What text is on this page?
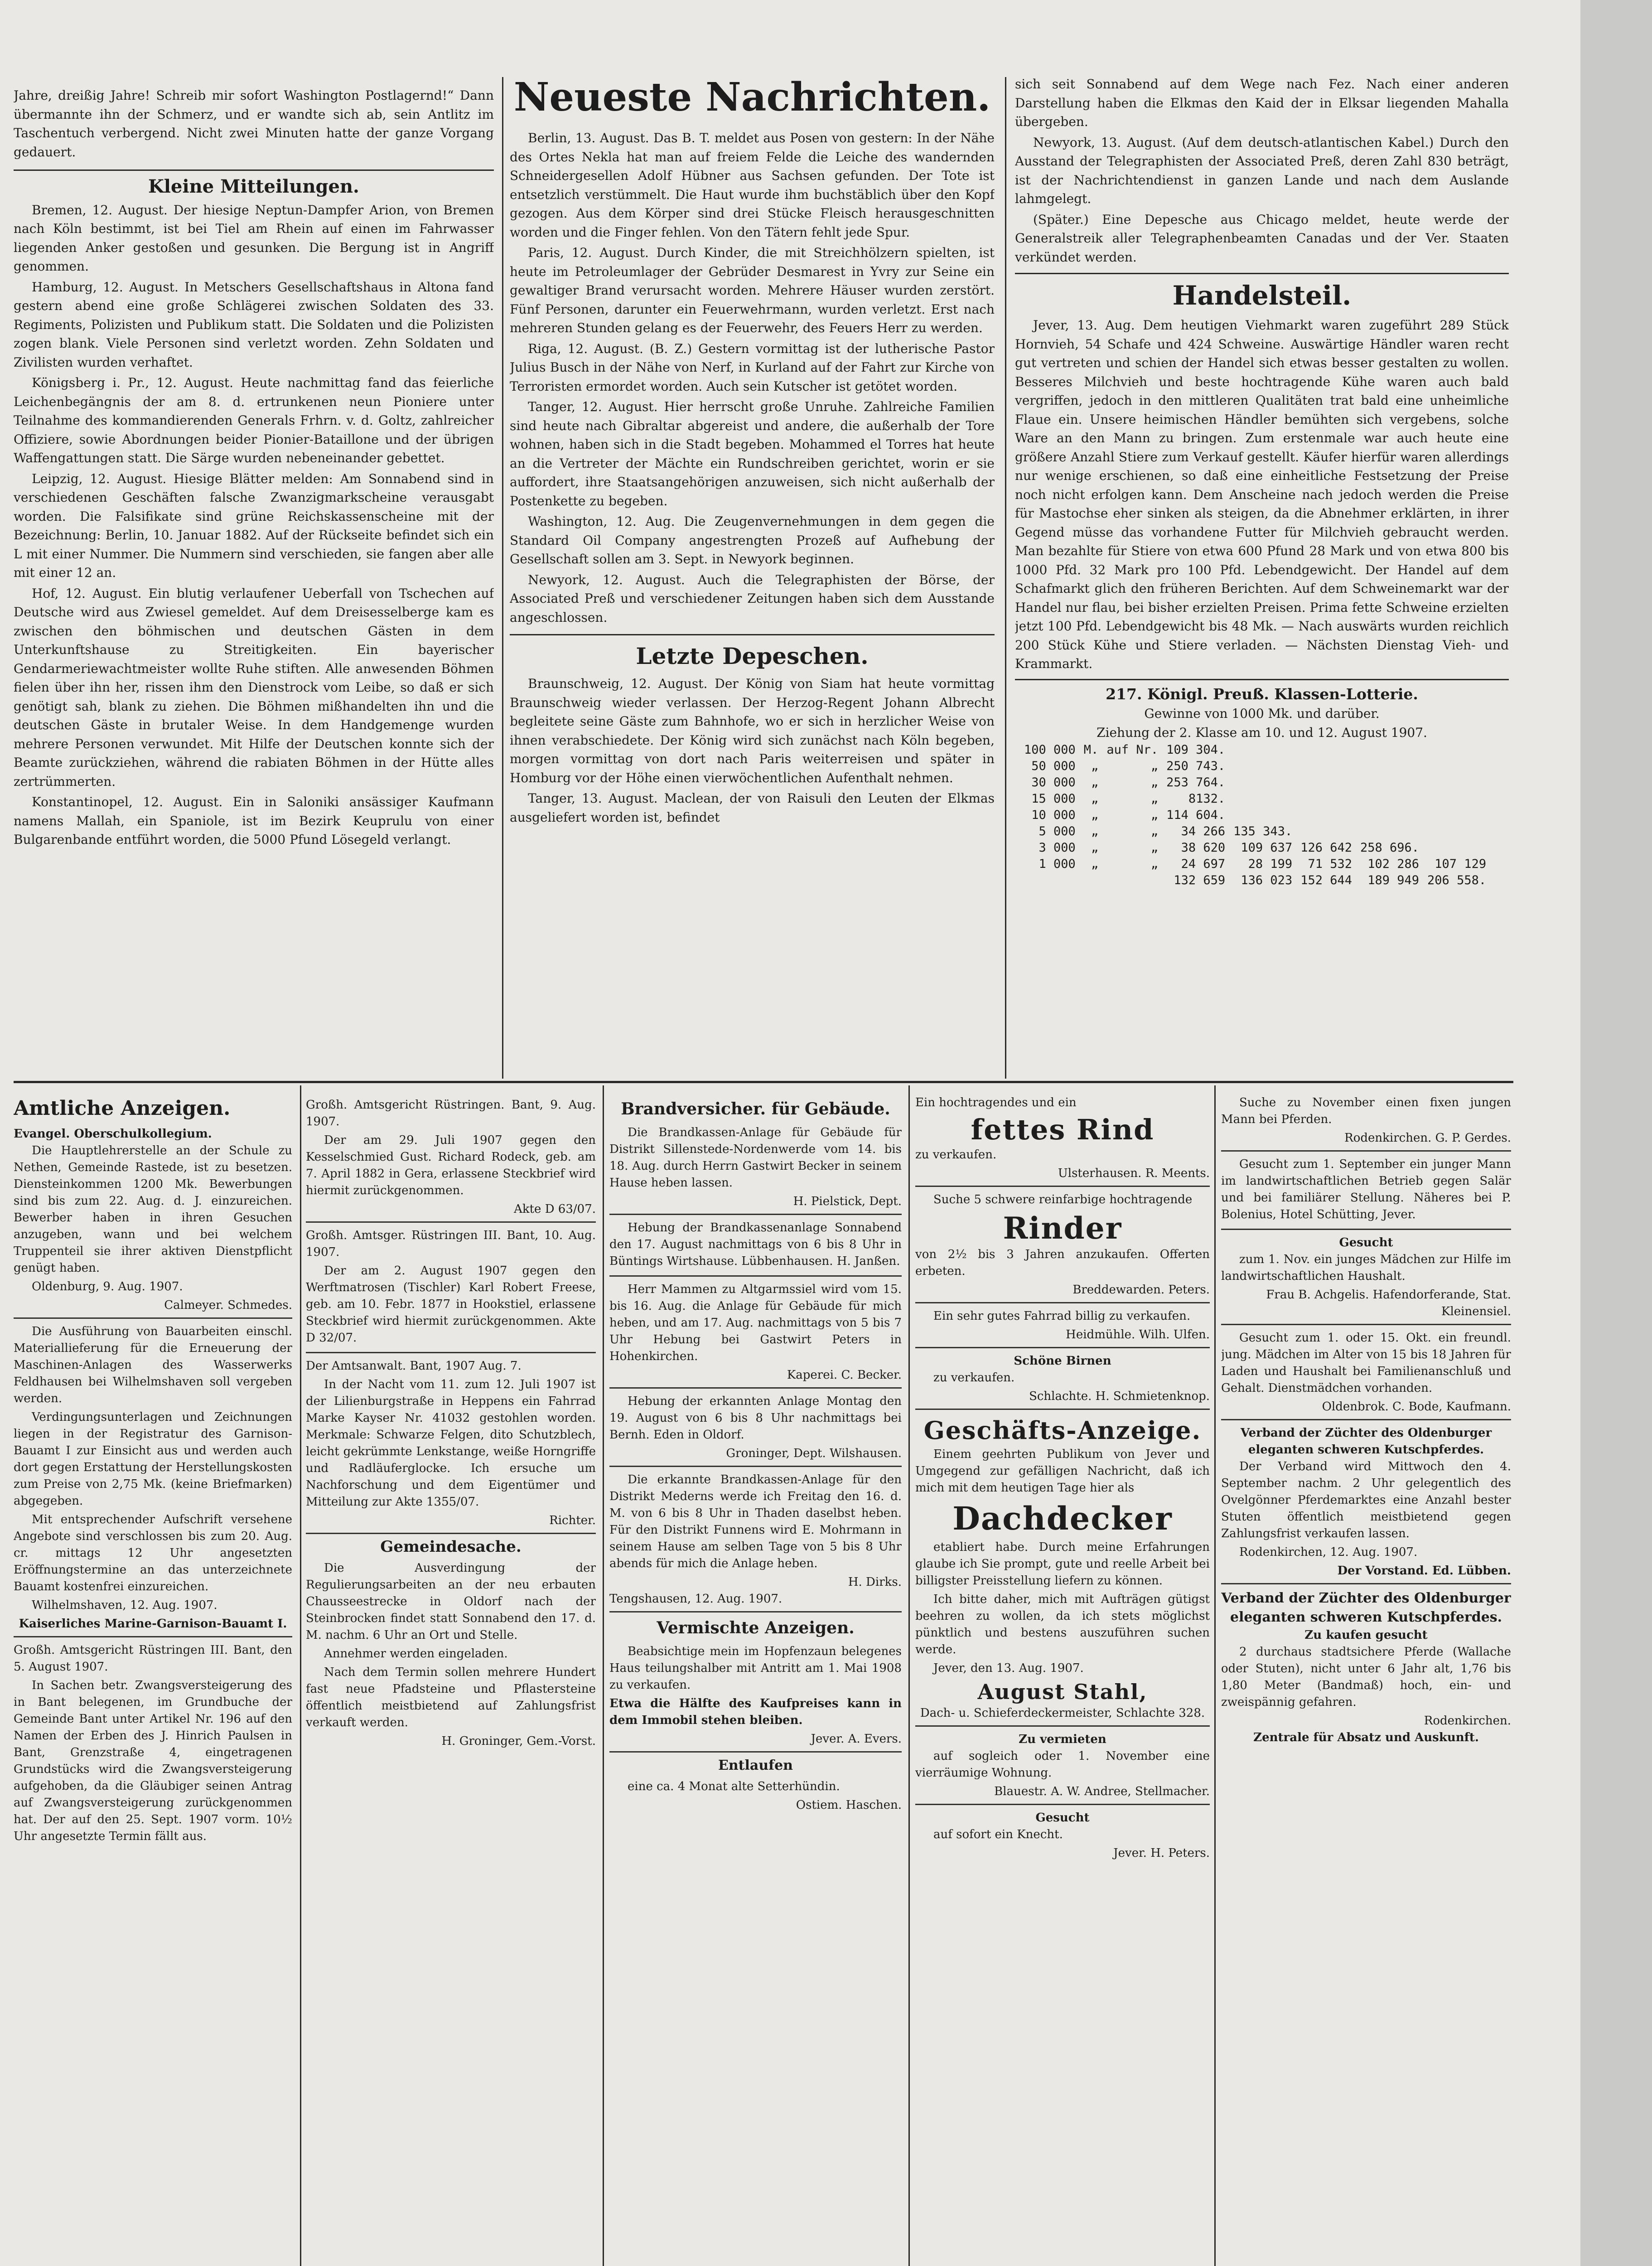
Jahre, dreißig Jahre! Schreib mir sofort Washington Postlagernd!“ Dann übermannte ihn der Schmerz, und er wandte sich ab, sein Antlitz im Taschentuch verbergend. Nicht zwei Minuten hatte der ganze Vorgang gedauert.

Kleine Mitteilungen.

Bremen, 12. August. Der hiesige Neptun-Dampfer Arion, von Bremen nach Köln bestimmt, ist bei Tiel am Rhein auf einen im Fahrwasser liegenden Anker gestoßen und gesunken. Die Bergung ist in Angriff genommen.

Hamburg, 12. August. In Metschers Gesellschaftshaus in Altona fand gestern abend eine große Schlägerei zwischen Soldaten des 33. Regiments, Polizisten und Publikum statt. Die Soldaten und die Polizisten zogen blank. Viele Personen sind verletzt worden. Zehn Soldaten und Zivilisten wurden verhaftet.

Königsberg i. Pr., 12. August. Heute nachmittag fand das feierliche Leichenbegängnis der am 8. d. ertrunkenen neun Pioniere unter Teilnahme des kommandierenden Generals Frhrn. v. d. Goltz, zahlreicher Offiziere, sowie Abordnungen beider Pionier-Bataillone und der übrigen Waffengattungen statt. Die Särge wurden nebeneinander gebettet.

Leipzig, 12. August. Hiesige Blätter melden: Am Sonnabend sind in verschiedenen Geschäften falsche Zwanzigmarkscheine verausgabt worden. Die Falsifikate sind grüne Reichskassenscheine mit der Bezeichnung: Berlin, 10. Januar 1882. Auf der Rückseite befindet sich ein L mit einer Nummer. Die Nummern sind verschieden, sie fangen aber alle mit einer 12 an.

Hof, 12. August. Ein blutig verlaufener Ueberfall von Tschechen auf Deutsche wird aus Zwiesel gemeldet. Auf dem Dreisesselberge kam es zwischen den böhmischen und deutschen Gästen in dem Unterkunftshause zu Streitigkeiten. Ein bayerischer Gendarmeriewachtmeister wollte Ruhe stiften. Alle anwesenden Böhmen fielen über ihn her, rissen ihm den Dienstrock vom Leibe, so daß er sich genötigt sah, blank zu ziehen. Die Böhmen mißhandelten ihn und die deutschen Gäste in brutaler Weise. In dem Handgemenge wurden mehrere Personen verwundet. Mit Hilfe der Deutschen konnte sich der Beamte zurückziehen, während die rabiaten Böhmen in der Hütte alles zertrümmerten.

Konstantinopel, 12. August. Ein in Saloniki ansässiger Kaufmann namens Mallah, ein Spaniole, ist im Bezirk Keuprulu von einer Bulgarenbande entführt worden, die 5000 Pfund Lösegeld verlangt.

Neueste Nachrichten.

Berlin, 13. August. Das B. T. meldet aus Posen von gestern: In der Nähe des Ortes Nekla hat man auf freiem Felde die Leiche des wandernden Schneidergesellen Adolf Hübner aus Sachsen gefunden. Der Tote ist entsetzlich verstümmelt. Die Haut wurde ihm buchstäblich über den Kopf gezogen. Aus dem Körper sind drei Stücke Fleisch herausgeschnitten worden und die Finger fehlen. Von den Tätern fehlt jede Spur.

Paris, 12. August. Durch Kinder, die mit Streichhölzern spielten, ist heute im Petroleumlager der Gebrüder Desmarest in Yvry zur Seine ein gewaltiger Brand verursacht worden. Mehrere Häuser wurden zerstört. Fünf Personen, darunter ein Feuerwehrmann, wurden verletzt. Erst nach mehreren Stunden gelang es der Feuerwehr, des Feuers Herr zu werden.

Riga, 12. August. (B. Z.) Gestern vormittag ist der lutherische Pastor Julius Busch in der Nähe von Nerf, in Kurland auf der Fahrt zur Kirche von Terroristen ermordet worden. Auch sein Kutscher ist getötet worden.

Tanger, 12. August. Hier herrscht große Unruhe. Zahlreiche Familien sind heute nach Gibraltar abgereist und andere, die außerhalb der Tore wohnen, haben sich in die Stadt begeben. Mohammed el Torres hat heute an die Vertreter der Mächte ein Rundschreiben gerichtet, worin er sie auffordert, ihre Staatsangehörigen anzuweisen, sich nicht außerhalb der Postenkette zu begeben.

Washington, 12. Aug. Die Zeugenvernehmungen in dem gegen die Standard Oil Company angestrengten Prozeß auf Aufhebung der Gesellschaft sollen am 3. Sept. in Newyork beginnen.

Newyork, 12. August. Auch die Telegraphisten der Börse, der Associated Preß und verschiedener Zeitungen haben sich dem Ausstande angeschlossen.

Letzte Depeschen.

Braunschweig, 12. August. Der König von Siam hat heute vormittag Braunschweig wieder verlassen. Der Herzog-Regent Johann Albrecht begleitete seine Gäste zum Bahnhofe, wo er sich in herzlicher Weise von ihnen verabschiedete. Der König wird sich zunächst nach Köln begeben, morgen vormittag von dort nach Paris weiterreisen und später in Homburg vor der Höhe einen vierwöchentlichen Aufenthalt nehmen.

Tanger, 13. August. Maclean, der von Raisuli den Leuten der Elkmas ausgeliefert worden ist, befindet

sich seit Sonnabend auf dem Wege nach Fez. Nach einer anderen Darstellung haben die Elkmas den Kaid der in Elksar liegenden Mahalla übergeben.

Newyork, 13. August. (Auf dem deutsch-atlantischen Kabel.) Durch den Ausstand der Telegraphisten der Associated Preß, deren Zahl 830 beträgt, ist der Nachrichtendienst in ganzen Lande und nach dem Auslande lahmgelegt.

(Später.) Eine Depesche aus Chicago meldet, heute werde der Generalstreik aller Telegraphenbeamten Canadas und der Ver. Staaten verkündet werden.

Handelsteil.

Jever, 13. Aug. Dem heutigen Viehmarkt waren zugeführt 289 Stück Hornvieh, 54 Schafe und 424 Schweine. Auswärtige Händler waren recht gut vertreten und schien der Handel sich etwas besser gestalten zu wollen. Besseres Milchvieh und beste hochtragende Kühe waren auch bald vergriffen, jedoch in den mittleren Qualitäten trat bald eine unheimliche Flaue ein. Unsere heimischen Händler bemühten sich vergebens, solche Ware an den Mann zu bringen. Zum erstenmale war auch heute eine größere Anzahl Stiere zum Verkauf gestellt. Käufer hierfür waren allerdings nur wenige erschienen, so daß eine einheitliche Festsetzung der Preise noch nicht erfolgen kann. Dem Anscheine nach jedoch werden die Preise für Mastochse eher sinken als steigen, da die Abnehmer erklärten, in ihrer Gegend müsse das vorhandene Futter für Milchvieh gebraucht werden. Man bezahlte für Stiere von etwa 600 Pfund 28 Mark und von etwa 800 bis 1000 Pfd. 32 Mark pro 100 Pfd. Lebendgewicht. Der Handel auf dem Schafmarkt glich den früheren Berichten. Auf dem Schweinemarkt war der Handel nur flau, bei bisher erzielten Preisen. Prima fette Schweine erzielten jetzt 100 Pfd. Lebendgewicht bis 48 Mk. — Nach auswärts wurden reichlich 200 Stück Kühe und Stiere verladen. — Nächsten Dienstag Vieh- und Krammarkt.

217. Königl. Preuß. Klassen-Lotterie.
Gewinne von 1000 Mk. und darüber.
Ziehung der 2. Klasse am 10. und 12. August 1907.
100 000	M.	auf Nr.	109 304.				
50 000	„	„	250 743.				
30 000	„	„	253 764.				
15 000	„	„	8132.				
10 000	„	„	114 604.				
5 000	„	„	34 266	135 343.			
3 000	„	„	38 620	109 637	126 642	258 696.	
1 000	„	„	24 697	28 199	71 532	102 286	107 129
			132 659	136 023	152 644	189 949	206 558.
Amtliche Anzeigen.
Evangel. Oberschulkollegium.

Die Hauptlehrerstelle an der Schule zu Nethen, Gemeinde Rastede, ist zu besetzen. Diensteinkommen 1200 Mk. Bewerbungen sind bis zum 22. Aug. d. J. einzureichen. Bewerber haben in ihren Gesuchen anzugeben, wann und bei welchem Truppenteil sie ihrer aktiven Dienstpflicht genügt haben.

Oldenburg, 9. Aug. 1907.

Calmeyer. Schmedes.

Die Ausführung von Bauarbeiten einschl. Materiallieferung für die Erneuerung der Maschinen-Anlagen des Wasserwerks Feldhausen bei Wilhelmshaven soll vergeben werden.

Verdingungsunterlagen und Zeichnungen liegen in der Registratur des Garnison-Bauamt I zur Einsicht aus und werden auch dort gegen Erstattung der Herstellungskosten zum Preise von 2,75 Mk. (keine Briefmarken) abgegeben.

Mit entsprechender Aufschrift versehene Angebote sind verschlossen bis zum 20. Aug. cr. mittags 12 Uhr angesetzten Eröffnungstermine an das unterzeichnete Bauamt kostenfrei einzureichen.

Wilhelmshaven, 12. Aug. 1907.

Kaiserliches Marine-Garnison-Bauamt I.

Großh. Amtsgericht Rüstringen III. Bant, den 5. August 1907.

In Sachen betr. Zwangsversteigerung des in Bant belegenen, im Grundbuche der Gemeinde Bant unter Artikel Nr. 196 auf den Namen der Erben des J. Hinrich Paulsen in Bant, Grenzstraße 4, eingetragenen Grundstücks wird die Zwangsversteigerung aufgehoben, da die Gläubiger seinen Antrag auf Zwangsversteigerung zurückgenommen hat. Der auf den 25. Sept. 1907 vorm. 10½ Uhr angesetzte Termin fällt aus.

Großh. Amtsgericht Rüstringen. Bant, 9. Aug. 1907.

Der am 29. Juli 1907 gegen den Kesselschmied Gust. Richard Rodeck, geb. am 7. April 1882 in Gera, erlassene Steckbrief wird hiermit zurückgenommen.

Akte D 63/07.

Großh. Amtsger. Rüstringen III. Bant, 10. Aug. 1907.

Der am 2. August 1907 gegen den Werftmatrosen (Tischler) Karl Robert Freese, geb. am 10. Febr. 1877 in Hookstiel, erlassene Steckbrief wird hiermit zurückgenommen. Akte D 32/07.

Der Amtsanwalt. Bant, 1907 Aug. 7.

In der Nacht vom 11. zum 12. Juli 1907 ist der Lilienburgstraße in Heppens ein Fahrrad Marke Kayser Nr. 41032 gestohlen worden. Merkmale: Schwarze Felgen, dito Schutzblech, leicht gekrümmte Lenkstange, weiße Horngriffe und Radläuferglocke. Ich ersuche um Nachforschung und dem Eigentümer und Mitteilung zur Akte 1355/07.

Richter.
Gemeindesache.

Die Ausverdingung der Regulierungsarbeiten an der neu erbauten Chausseestrecke in Oldorf nach der Steinbrocken findet statt Sonnabend den 17. d. M. nachm. 6 Uhr an Ort und Stelle.

Annehmer werden eingeladen.

Nach dem Termin sollen mehrere Hundert fast neue Pfadsteine und Pflastersteine öffentlich meistbietend auf Zahlungsfrist verkauft werden.

H. Groninger, Gem.-Vorst.
Brandversicher. für Gebäude.

Die Brandkassen-Anlage für Gebäude für Distrikt Sillenstede-Nordenwerde vom 14. bis 18. Aug. durch Herrn Gastwirt Becker in seinem Hause heben lassen.

H. Pielstick, Dept.

Hebung der Brandkassenanlage Sonnabend den 17. August nachmittags von 6 bis 8 Uhr in Büntings Wirtshause. Lübbenhausen. H. Janßen.

Herr Mammen zu Altgarmssiel wird vom 15. bis 16. Aug. die Anlage für Gebäude für mich heben, und am 17. Aug. nachmittags von 5 bis 7 Uhr Hebung bei Gastwirt Peters in Hohenkirchen.

Kaperei. C. Becker.

Hebung der erkannten Anlage Montag den 19. August von 6 bis 8 Uhr nachmittags bei Bernh. Eden in Oldorf.

Groninger, Dept. Wilshausen.

Die erkannte Brandkassen-Anlage für den Distrikt Mederns werde ich Freitag den 16. d. M. von 6 bis 8 Uhr in Thaden daselbst heben. Für den Distrikt Funnens wird E. Mohrmann in seinem Hause am selben Tage von 5 bis 8 Uhr abends für mich die Anlage heben.

H. Dirks.
Tengshausen, 12. Aug. 1907.
Vermischte Anzeigen.

Beabsichtige mein im Hopfenzaun belegenes Haus teilungshalber mit Antritt am 1. Mai 1908 zu verkaufen.

Etwa die Hälfte des Kaufpreises kann in dem Immobil stehen bleiben.

Jever. A. Evers.
Entlaufen

eine ca. 4 Monat alte Setterhündin.

Ostiem. Haschen.

Ein hochtragendes und ein

fettes Rind

zu verkaufen.

Ulsterhausen. R. Meents.

Suche 5 schwere reinfarbige hochtragende

Rinder

von 2½ bis 3 Jahren anzukaufen. Offerten erbeten.

Breddewarden. Peters.

Ein sehr gutes Fahrrad billig zu verkaufen.

Heidmühle. Wilh. Ulfen.
Schöne Birnen

zu verkaufen.

Schlachte. H. Schmietenknop.
Geschäfts-Anzeige.

Einem geehrten Publikum von Jever und Umgegend zur gefälligen Nachricht, daß ich mich mit dem heutigen Tage hier als

Dachdecker

etabliert habe. Durch meine Erfahrungen glaube ich Sie prompt, gute und reelle Arbeit bei billigster Preisstellung liefern zu können.

Ich bitte daher, mich mit Aufträgen gütigst beehren zu wollen, da ich stets möglichst pünktlich und bestens auszuführen suchen werde.

Jever, den 13. Aug. 1907.

August Stahl,
Dach- u. Schieferdeckermeister, Schlachte 328.
Zu vermieten

auf sogleich oder 1. November eine vierräumige Wohnung.

Blauestr. A. W. Andree, Stellmacher.
Gesucht

auf sofort ein Knecht.

Jever. H. Peters.

Suche zu November einen fixen jungen Mann bei Pferden.

Rodenkirchen. G. P. Gerdes.

Gesucht zum 1. September ein junger Mann im landwirtschaftlichen Betrieb gegen Salär und bei familiärer Stellung. Näheres bei P. Bolenius, Hotel Schütting, Jever.

Gesucht

zum 1. Nov. ein junges Mädchen zur Hilfe im landwirtschaftlichen Haushalt.

Frau B. Achgelis. Hafendorferande, Stat. Kleinensiel.

Gesucht zum 1. oder 15. Okt. ein freundl. jung. Mädchen im Alter von 15 bis 18 Jahren für Laden und Haushalt bei Familienanschluß und Gehalt. Dienstmädchen vorhanden.

Oldenbrok. C. Bode, Kaufmann.
Verband der Züchter des Oldenburger eleganten schweren Kutschpferdes.

Der Verband wird Mittwoch den 4. September nachm. 2 Uhr gelegentlich des Ovelgönner Pferdemarktes eine Anzahl bester Stuten öffentlich meistbietend gegen Zahlungsfrist verkaufen lassen.

Rodenkirchen, 12. Aug. 1907.

Der Vorstand. Ed. Lübben.
Verband der Züchter des Oldenburger eleganten schweren Kutschpferdes.
Zu kaufen gesucht

2 durchaus stadtsichere Pferde (Wallache oder Stuten), nicht unter 6 Jahr alt, 1,76 bis 1,80 Meter (Bandmaß) hoch, ein- und zweispännig gefahren.

Rodenkirchen.
Zentrale für Absatz und Auskunft.
